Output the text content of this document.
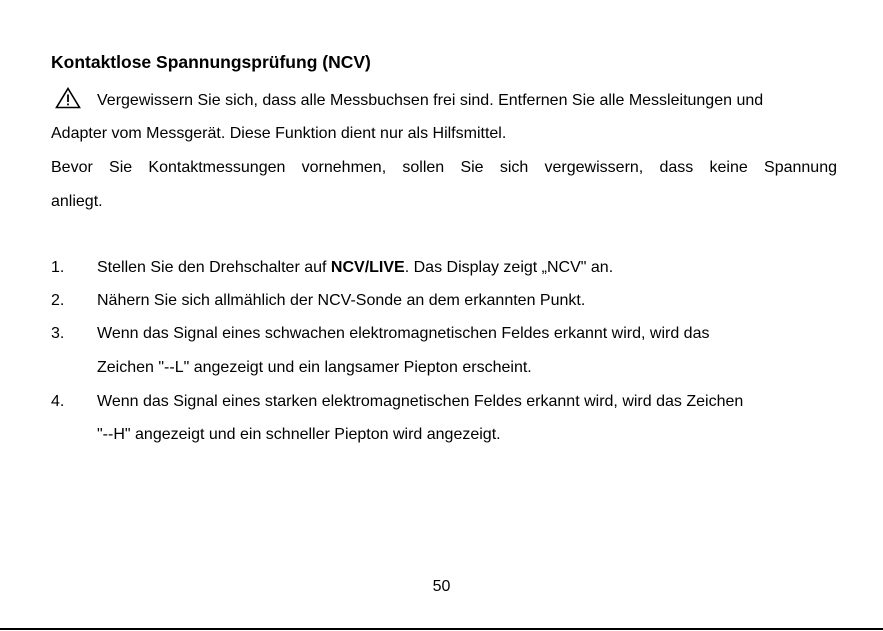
Kontaktlose Spannungsprüfung (NCV)
Vergewissern Sie sich, dass alle Messbuchsen frei sind. Entfernen Sie alle Messleitungen und
Adapter vom Messgerät. Diese Funktion dient nur als Hilfsmittel.
Bevor Sie Kontaktmessungen vornehmen, sollen Sie sich vergewissern, dass keine Spannung
anliegt.
1. Stellen Sie den Drehschalter auf NCV/LIVE. Das Display zeigt „NCV" an.
2. Nähern Sie sich allmählich der NCV-Sonde an dem erkannten Punkt.
3. Wenn das Signal eines schwachen elektromagnetischen Feldes erkannt wird, wird das
Zeichen "--L" angezeigt und ein langsamer Piepton erscheint.
4. Wenn das Signal eines starken elektromagnetischen Feldes erkannt wird, wird das Zeichen
"--H" angezeigt und ein schneller Piepton wird angezeigt.
50
